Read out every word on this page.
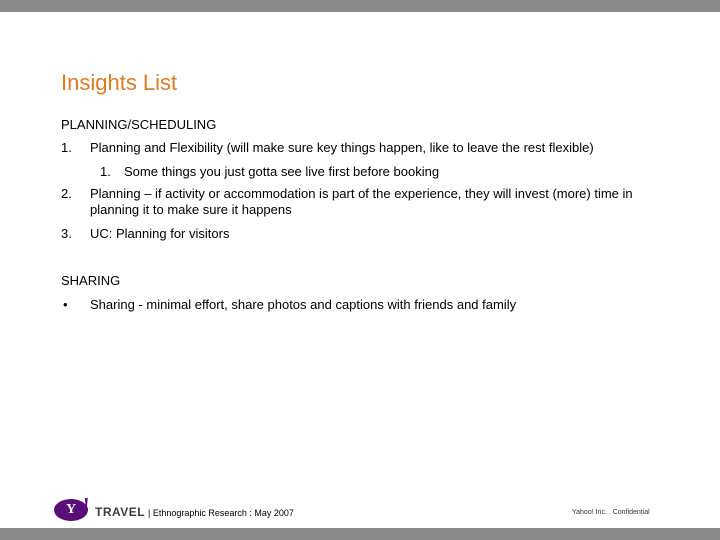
Insights List
PLANNING/SCHEDULING
1. Planning and Flexibility (will make sure key things happen, like to leave the rest flexible)
1. Some things you just gotta see live first before booking
2. Planning – if activity or accommodation is part of the experience, they will invest (more) time in planning it to make sure it happens
3. UC: Planning for visitors
SHARING
• Sharing - minimal effort, share photos and captions with friends and family
Y ! TRAVEL | Ethnographic Research : May 2007	Yahoo! Inc. . Confidential
